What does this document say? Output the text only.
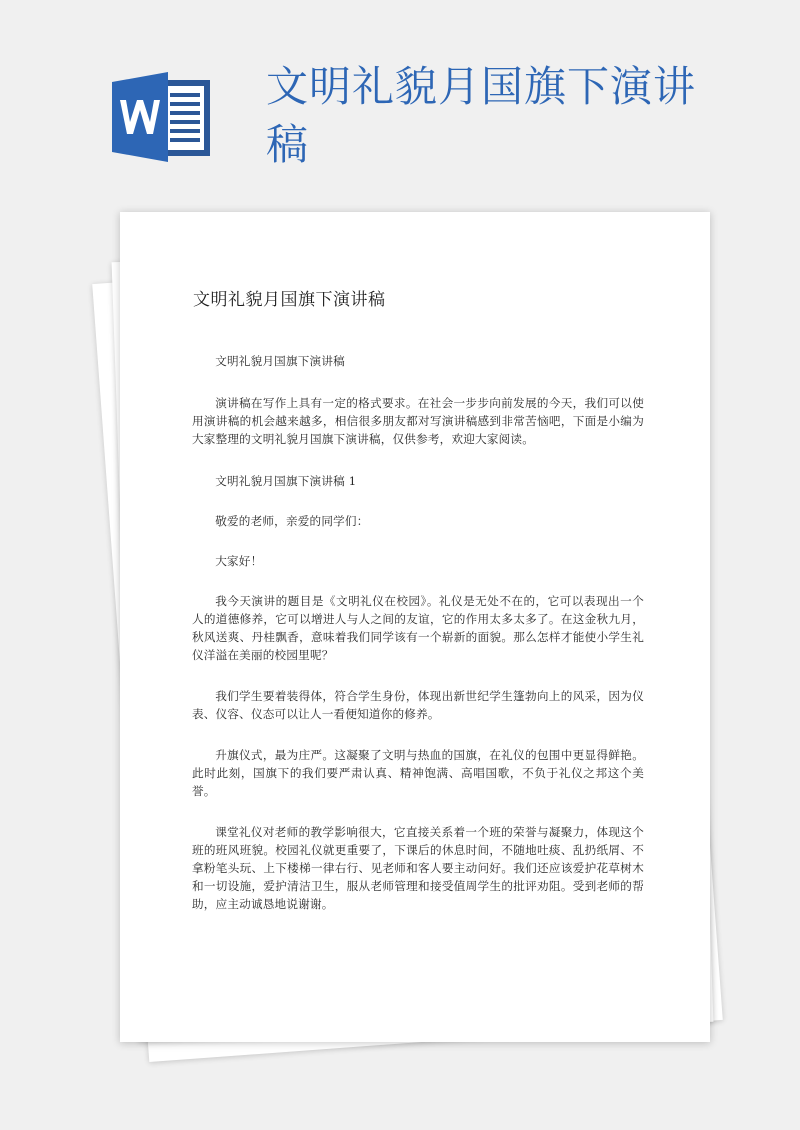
文明礼貌月国旗下演讲稿
文明礼貌月国旗下演讲稿

文明礼貌月国旗下演讲稿

演讲稿在写作上具有一定的格式要求。在社会一步步向前发展的今天，我们可以使用演讲稿的机会越来越多，相信很多朋友都对写演讲稿感到非常苦恼吧，下面是小编为大家整理的文明礼貌月国旗下演讲稿，仅供参考，欢迎大家阅读。

文明礼貌月国旗下演讲稿 1

敬爱的老师，亲爱的同学们：

大家好！

我今天演讲的题目是《文明礼仪在校园》。礼仪是无处不在的，它可以表现出一个人的道德修养，它可以增进人与人之间的友谊，它的作用太多太多了。在这金秋九月，秋风送爽、丹桂飘香，意味着我们同学该有一个崭新的面貌。那么怎样才能使小学生礼仪洋溢在美丽的校园里呢？

我们学生要着装得体，符合学生身份，体现出新世纪学生篷勃向上的风采，因为仪表、仪容、仪态可以让人一看便知道你的修养。

升旗仪式，最为庄严。这凝聚了文明与热血的国旗，在礼仪的包围中更显得鲜艳。此时此刻，国旗下的我们要严肃认真、精神饱满、高唱国歌，不负于礼仪之邦这个美誉。

课堂礼仪对老师的教学影响很大，它直接关系着一个班的荣誉与凝聚力，体现这个班的班风班貌。校园礼仪就更重要了，下课后的休息时间，不随地吐痰、乱扔纸屑、不拿粉笔头玩、上下楼梯一律右行、见老师和客人要主动问好。我们还应该爱护花草树木和一切设施，爱护清洁卫生，服从老师管理和接受值周学生的批评劝阻。受到老师的帮助，应主动诚恳地说谢谢。
